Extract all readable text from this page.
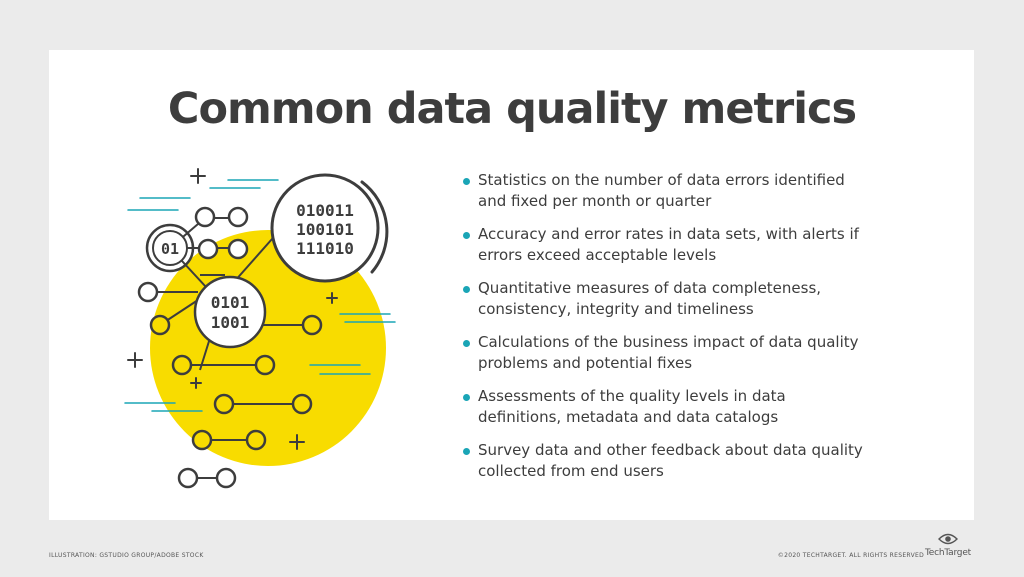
Common data quality metrics
01
010011
100101
111010
0101
1001
Statistics on the number of data errors identified
and fixed per month or quarter
Accuracy and error rates in data sets, with alerts if
errors exceed acceptable levels
Quantitative measures of data completeness,
consistency, integrity and timeliness
Calculations of the business impact of data quality
problems and potential fixes
Assessments of the quality levels in data
definitions, metadata and data catalogs
Survey data and other feedback about data quality
collected from end users
ILLUSTRATION: GSTUDIO GROUP/ADOBE STOCK	©2020 TECHTARGET. ALL RIGHTS RESERVED TechTarget
